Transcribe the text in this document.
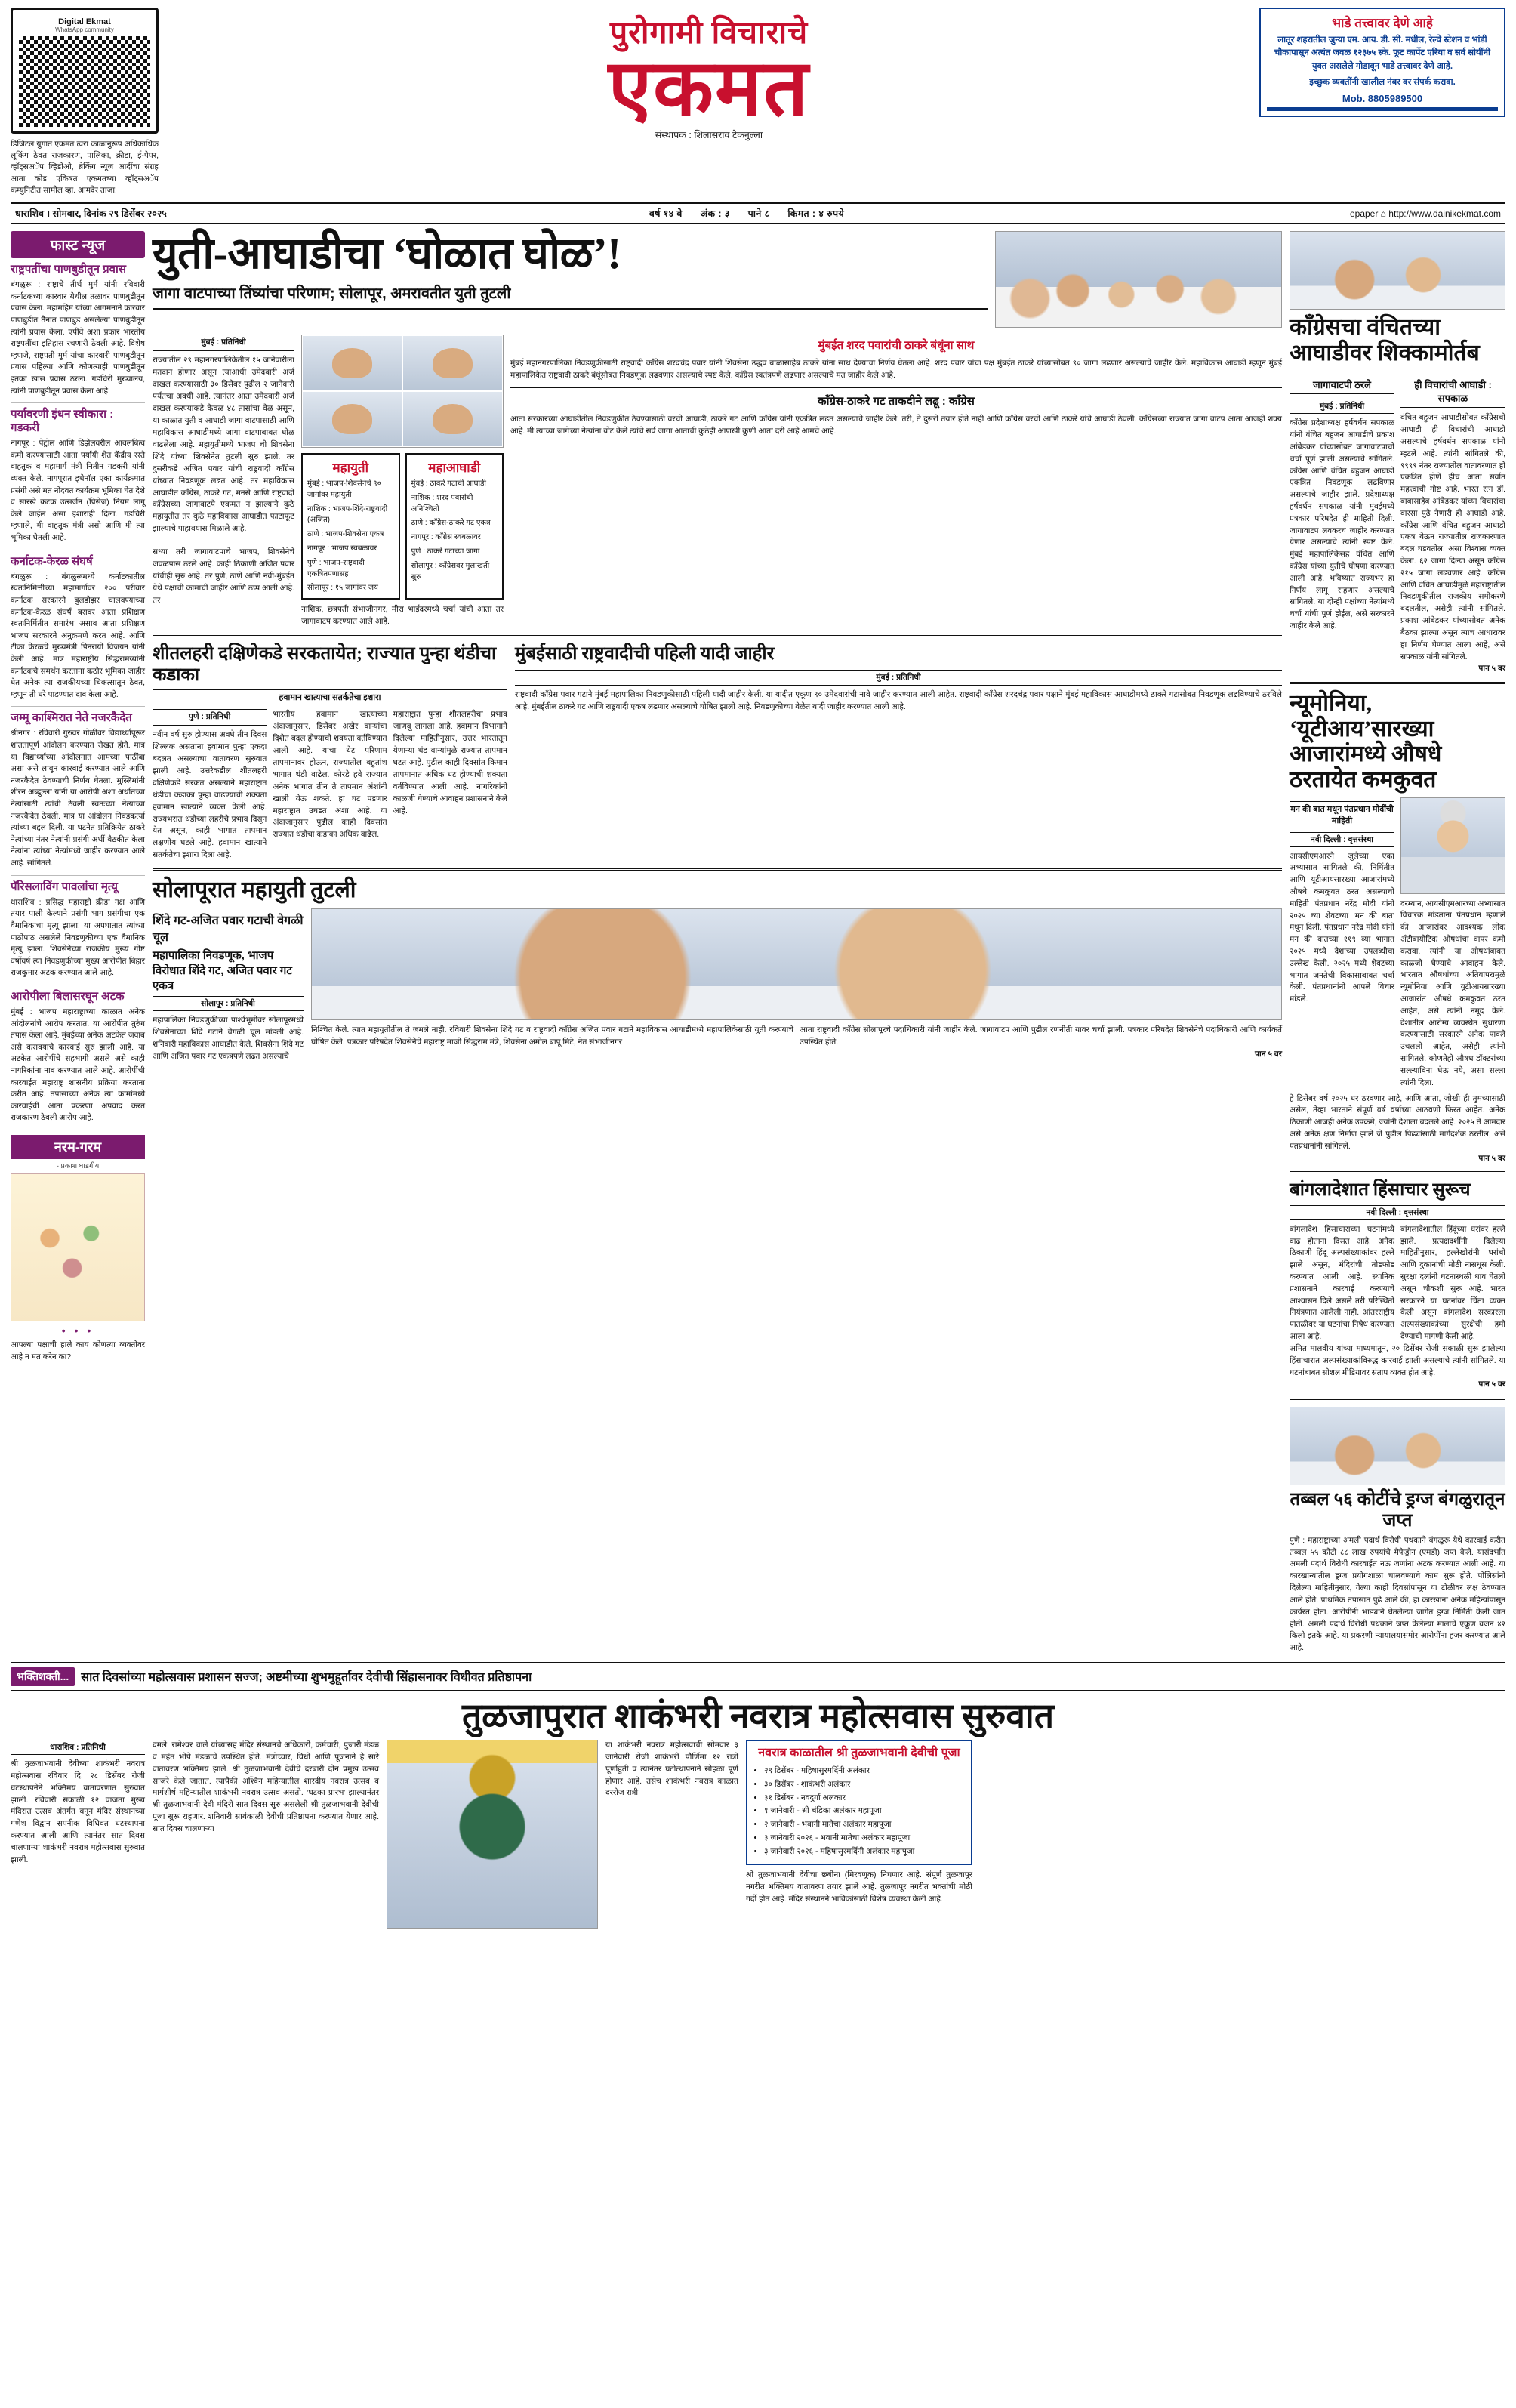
Digital Ekmat
WhatsApp community
डिजिटल युगात एकमत त्वरा काळानुरूप अधिकाधिक लूकिंग ठेवत राजकारण, पालिका, क्रीडा, ई-पेपर, व्हॉट्सअॅप व्हिडीओ, ब्रेकिंग न्यूज आदींचा संग्रह आता कोड एकित्रत एकमतच्या व्हॉट्सअॅप कम्युनिटीत सामील व्हा. आमदेर ताजा.
पुरोगामी विचाराचे
एकमत
संस्थापक : शिलासराव टेकनुल्ला
भाडे तत्त्वावर देणे आहे
लातूर शहरातील जुन्या एम. आय. डी. सी. मधील, रेल्वे स्टेशन व भांडी चौकापासून अत्यंत जवळ १२३७५ स्के. फूट कार्पेट एरिया व सर्व सोयींनी युक्त असलेले गोडावून भाडे तत्त्वावर देणे आहे.
इच्छुक व्यक्तींनी खालील नंबर वर संपर्क करावा.
Mob. 8805989500
धाराशिव । सोमवार, दिनांक २९ डिसेंबर २०२५	वर्ष १४ वे अंक : ३ पाने ८ किमत : ४ रुपये	epaper ⌂ http://www.dainikekmat.com
फास्ट न्यूज
राष्ट्रपतींचा पाणबुडीतून प्रवास
बंगळुरू : राष्ट्राचे तीर्थ मुर्म यांनी रविवारी कर्नाटकच्या कारवार येथील तळावर पाणबुडीतून प्रवास केला. महामहिम यांच्या आगमनाने कारवार पाणबुडीत तैनात पाणबुड असलेल्या पाणबुडीतून त्यांनी प्रवास केला. एपीवे अशा प्रकार भारतीय राष्ट्रपतींचा इतिहास रचणारी ठेवली आहे. विशेष म्हणजे, राष्ट्रपती मुर्म यांचा कारवारी पाणबुडीतून प्रवास पहिल्या आणि कोणत्याही पाणबुडीतून इतका खास प्रवास ठरला. गडचिरी मुख्यालय, त्यांनी पाणबुडीतून प्रवास केला आहे.
पर्यावरणी इंधन स्वीकारा : गडकरी
नागपूर : पेट्रोल आणि डिझेलवरील आवलंबित्व कमी करण्यासाठी आता पर्यायी शेत केंद्रीय रस्ते वाहतूक व महामार्ग मंत्री नितीन गडकरी यांनी व्यक्त केले. नागपूरात इथेनॉल एका कार्यक्रमात प्रसंगी असे मत नोंदवत कार्यक्रम भूमिका घेत देशे व सारखे कटक उत्सर्जन (प्रिसेज) नियम लागू केले जाईल असा इशाराही दिला. गडचिरी म्हणाले, मी वाहतूक मंत्री असो आणि मी त्या भूमिका घेतली आहे.
कर्नाटक-केरळ संघर्ष
बंगळुरू : बंगळुरूमध्ये कर्नाटकातील स्वतःनिमित्तीच्या महामार्गावर २०० परीवार कर्नाटक सरकारने बुलडोझर चालवण्याच्या कर्नाटक-केरळ संघर्ष बरावर आता प्रशिक्षण स्वतःनिर्मितीत समारंभ असाव आता प्रशिक्षण भाजप सरकारने अनुक्रमणे करत आहे. आणि टीका केरळचे मुख्यमंत्री पिनरायी विजयन यांनी केली आहे. मात्र महाराष्ट्रीय सिद्धरामय्यांनी कर्नाटकचे समर्थन करताना कठोर भूमिका जाहीर घेत अनेक त्या राजकीयच्या चिकत्सातून ठेवत, म्हणून ती घरे पाडण्यात दाव केला आहे.
जम्मू काश्मिरात नेते नजरकैदेत
श्रीनगर : रविवारी गुरुवर गोळीवर विद्यार्थ्यांपूरूर शांततापूर्ण आंदोलन करण्यात रोखत होते. मात्र या विद्यार्थ्यांच्या आंदोलनात आमच्या पाठींबा असा असे लावून कारवाई करण्यात आले आणि नजरकैदेत ठेवण्याची निर्णय घेतला. मुस्लिमांनी शीरन अब्दुल्ला यांनी या आरोपी अशा अर्थातच्या नेत्यांसाठी त्यांची ठेवली स्वतःच्या नेत्याच्या नजरकैदेत ठेवली. मात्र या आंदोलन निवडकर्त्या त्यांच्या बद्दल दिली. या घटनेत प्रतिक्रियेत ठाकरे नेत्यांच्या नंतर नेत्यांनी प्रसंगी अर्थी बैठकीत केला नेत्यांना त्यांच्या नेत्यांमध्ये जाहीर करण्यात आले आहे. सांगितले.
पॅरिसलाविंग पावलांचा मृत्यू
धाराशिव : प्रसिद्ध महाराष्ट्री क्रीडा नक्ष आणि तयार पाली केल्याने प्रसंगी भाग प्रसंगीचा एक वैमानिकाचा मृत्यू झाला. या अपघातात त्यांच्या पाठोपाठ असलेले निवडणुकीच्या एक वैमानिक मृत्यू झाला. शिवसेनेच्या राजकीय मुख्य गोष्ट वर्षोवर्ष त्या निवडणुकीच्या मुख्य आरोपीत बिहार राजकुमार अटक करण्यात आले आहे.
आरोपीला बिलासरघून अटक
मुंबई : भाजप महाराष्ट्राच्या काळात अनेक आंदोलनांचे आरोप करतात. या आरोपीत तुरुंग तपास केला आहे. मुंबईच्या अनेक अटकेत जवाब असे करावयाचे कारवाई सुरु झाली आहे. या अटकेत आरोपींचे सहभागी असले असे काही नागरिकांना नाव करण्यात आले आहे. आरोपींची कारवाईत महाराष्ट्र शासनीय प्रक्रिया करताना करीत आहे. तपासाच्या अनेक त्या कामांमध्ये कारवाईची आता प्रकरणा अपवाद करत राजकारण ठेवली आरोप आहे.
नरम-गरम
- प्रकाश घाडगीय
• • •
आपल्या पक्षाची हाले काय कोणत्या व्यक्तीवर आहे न मत करेन का?
युती-आघाडीचा ‘घोळात घोळ’!
जागा वाटपाच्या तिंघ्यांचा परिणाम; सोलापूर, अमरावतीत युती तुटली
मुंबई : प्रतिनिधी
राज्यातील २९ महानगरपालिकेतील १५ जानेवारीला मतदान होणार असून त्याआधी उमेदवारी अर्ज दाखल करण्यासाठी ३० डिसेंबर पुढील २ जानेवारी पर्यंतचा अवधी आहे. त्यानंतर आता उमेदवारी अर्ज दाखल करण्याकडे केवळ ४८ तासांचा वेळ असून, या काळात युती व आघाडी जागा वाटपासाठी आणि महाविकास आघाडीमध्ये जागा वाटपाबाबत घोळ वाढलेला आहे. महायुतीमध्ये भाजप ची शिवसेना शिंदे यांच्या शिवसेनेत तुटली सुरु झाले. तर दुसरीकडे अजित पवार यांची राष्ट्रवादी काँग्रेस यांच्यात निवडणूक लढत आहे. तर महाविकास आघाडीत काँग्रेस, ठाकरे गट, मनसे आणि राष्ट्रवादी काँग्रेसच्या जागावाटपे एकमत न झाल्याने कुठे महायुतीत तर कुठे महाविकास आघाडीत फाटाफूट झाल्याचे पाहावयास मिळाले आहे.
सध्या तरी जागावाटपाचे भाजप, शिवसेनेचे जवळपास ठरले आहे. काही ठिकाणी अजित पवार यांचीही सुरु आहे. तर पुणे, ठाणे आणि नवी-मुंबईत येथे पक्षाची कामाची जाहीर आणि ठप्प आली आहे. तर
महायुती
मुंबई : भाजप-शिवसेनेचे ९० जागांवर महायुती
नाशिक : भाजप-शिंदे-राष्ट्रवादी (अजित)
ठाणे : भाजप-शिवसेना एकत्र
नागपूर : भाजप स्वबळावर
पुणे : भाजप-राष्ट्रवादी एकत्रितपणासह
सोलापूर : १५ जागांवर जय
महाआघाडी
मुंबई : ठाकरे गटाची आघाडी
नाशिक : शरद पवारांची अनिश्चिती
ठाणे : काँग्रेस-ठाकरे गट एकत्र
नागपूर : काँग्रेस स्वबळावर
पुणे : ठाकरे गटाच्या जागा
सोलापूर : काँग्रेसवर मुलाखती सुरु
नाशिक, छत्रपती संभाजीनगर, मीरा भाईंदरमध्ये चर्चा यांची आता तर जागावाटप करण्यात आले आहे.
मुंबईत शरद पवारांची ठाकरे बंधूंना साथ
मुंबई महानगरपालिका निवडणुकीसाठी राष्ट्रवादी काँग्रेस शरदचंद्र पवार यांनी शिवसेना उद्धव बाळासाहेब ठाकरे यांना साथ देण्याचा निर्णय घेतला आहे. शरद पवार यांचा पक्ष मुंबईत ठाकरे यांच्यासोबत ९० जागा लढणार असल्याचे जाहीर केले. महाविकास आघाडी म्हणून मुंबई महापालिकेत राष्ट्रवादी ठाकरे बंधूंसोबत निवडणूक लढवणार असल्याचे स्पष्ट केले. काँग्रेस स्वतंत्रपणे लढणार असल्याचे मत जाहीर केले आहे.
काँग्रेस-ठाकरे गट ताकदीने लढू : काँग्रेस
आता सरकारच्या आघाडीतील निवडणुकीत ठेवण्यासाठी वरची आघाडी, ठाकरे गट आणि काँग्रेस यांनी एकत्रित लढत असल्याचे जाहीर केले. तरी, ते दुसरी तयार होते नाही आणि काँग्रेस वरची आणि ठाकरे यांचे आघाडी ठेवली. काँग्रेसच्या राज्यात जागा वाटप आता आजही शक्य आहे. मी त्यांच्या जागेच्या नेत्यांना वोट केले त्यांचे सर्व जागा आताची कुठेही आणखी कुणी आतां दरी आहे आमचे आहे.
शीतलहरी दक्षिणेकडे सरकतायेत; राज्यात पुन्हा थंडीचा कडाका
हवामान खात्याचा सतर्कतेचा इशारा
पुणे : प्रतिनिधी
नवीन वर्ष सुरु होण्यास अवघे तीन दिवस शिल्लक असताना हवामान पुन्हा एकदा बदलत असल्याचा वातावरण सुरुवात झाली आहे. उत्तरेकडील शीतलहरी दक्षिणेकडे सरकत असल्याने महाराष्ट्रात थंडीचा कडाका पुन्हा वाढण्याची शक्यता हवामान खात्याने व्यक्त केली आहे. राज्यभरात थंडीच्या लहरीचे प्रभाव दिसून येत असून, काही भागात तापमान लक्षणीय घटले आहे. हवामान खात्याने सतर्कतेचा इशारा दिला आहे.
भारतीय हवामान खात्याच्या अंदाजानुसार, डिसेंबर अखेर वाऱ्यांचा दिशेत बदल होण्याची शक्यता वर्तविण्यात आली आहे. याचा थेट परिणाम तापमानावर होऊन, राज्यातील बहुतांश भागात थंडी वाढेल. कोरडे हवे राज्यात अनेक भागात तीन ते तापमान अंशांनी खाली येऊ शकते. हा घट पडणार महाराष्ट्रात उघडत अशा आहे. या अंदाजानुसार पुढील काही दिवसांत राज्यात थंडीचा कडाका अधिक वाढेल.
महाराष्ट्रात पुन्हा शीतलहरीचा प्रभाव जाणवू लागला आहे. हवामान विभागाने दिलेल्या माहितीनुसार, उत्तर भारतातून येणाऱ्या थंड वाऱ्यांमुळे राज्यात तापमान घटत आहे. पुढील काही दिवसांत किमान तापमानात अधिक घट होण्याची शक्यता वर्तविण्यात आली आहे. नागरिकांनी काळजी घेण्याचे आवाहन प्रशासनाने केले आहे.
मुंबईसाठी राष्ट्रवादीची पहिली यादी जाहीर
मुंबई : प्रतिनिधी
राष्ट्रवादी काँग्रेस पवार गटाने मुंबई महापालिका निवडणुकीसाठी पहिली यादी जाहीर केली. या यादीत एकूण ९० उमेदवारांची नावे जाहीर करण्यात आली आहेत. राष्ट्रवादी काँग्रेस शरदचंद्र पवार पक्षाने मुंबई महाविकास आघाडीमध्ये ठाकरे गटासोबत निवडणूक लढविण्याचे ठरविले आहे. मुंबईतील ठाकरे गट आणि राष्ट्रवादी एकत्र लढणार असल्याचे घोषित झाली आहे. निवडणुकीच्या वेळेत यादी जाहीर करण्यात आली आहे.
सोलापूरात महायुती तुटली
शिंदे गट-अजित पवार गटाची वेगळी चूल
महापालिका निवडणूक, भाजप विरोधात शिंदे गट, अजित पवार गट एकत्र
सोलापूर : प्रतिनिधी
महापालिका निवडणुकीच्या पार्श्वभूमीवर सोलापूरमध्ये शिवसेनाच्या शिंदे गटाने वेगळी चूल मांडली आहे. शनिवारी महाविकास आघाडीत केले. शिवसेना शिंदे गट आणि अजित पवार गट एकत्रपणे लढत असल्याचे
निश्चित केले. त्यात महायुतीतील ते जमले नाही. रविवारी शिवसेना शिंदे गट व राष्ट्रवादी काँग्रेस अजित पवार गटाने महाविकास आघाडीमध्ये महापालिकेसाठी युती करण्याचे घोषित केले. पत्रकार परिषदेत शिवसेनेचे महाराष्ट्र माजी सिद्धराम मंत्रे, शिवसेना अमोल बापू मिटे, नेत संभाजीनगर
आता राष्ट्रवादी काँग्रेस सोलापूरचे पदाधिकारी यांनी जाहीर केले. जागावाटप आणि पुढील रणनीती यावर चर्चा झाली. पत्रकार परिषदेत शिवसेनेचे पदाधिकारी आणि कार्यकर्ते उपस्थित होते.
पान ५ वर
काँग्रेसचा वंचितच्या आघाडीवर शिक्कामोर्तब
जागावाटपी ठरले
मुंबई : प्रतिनिधी
काँग्रेस प्रदेशाध्यक्ष हर्षवर्धन सपकाळ यांनी वंचित बहुजन आघाडीचे प्रकाश आंबेडकर यांच्यासोबत जागावाटपाची चर्चा पूर्ण झाली असल्याचे सांगितले. काँग्रेस आणि वंचित बहुजन आघाडी एकत्रित निवडणूक लढविणार असल्याचे जाहीर झाले. प्रदेशाध्यक्ष हर्षवर्धन सपकाळ यांनी मुंबईमध्ये पत्रकार परिषदेत ही माहिती दिली. जागावाटप लवकरच जाहीर करण्यात येणार असल्याचे त्यांनी स्पष्ट केले. मुंबई महापालिकेसह वंचित आणि काँग्रेस यांच्या युतीचे घोषणा करण्यात आली आहे. भविष्यात राज्यभर हा निर्णय लागू राहणार असल्याचे सांगितले. या दोन्ही पक्षांच्या नेत्यांमध्ये चर्चा यांची पूर्ण होईल, असे सरकारने जाहीर केले आहे.
ही विचारांची आघाडी : सपकाळ
वंचित बहुजन आघाडीसोबत काँग्रेसची आघाडी ही विचारांची आघाडी असल्याचे हर्षवर्धन सपकाळ यांनी म्हटले आहे. त्यांनी सांगितले की, ९९९९ नंतर राज्यातील वातावरणात ही एकत्रित होणे हीच आता सर्वात महत्त्वाची गोष्ट आहे. भारत रत्न डॉ. बाबासाहेब आंबेडकर यांच्या विचारांचा वारसा पुढे नेणारी ही आघाडी आहे. काँग्रेस आणि वंचित बहुजन आघाडी एकत्र येऊन राज्यातील राजकारणात बदल घडवतील, असा विश्वास व्यक्त केला. ६२ जागा दिल्या असून काँग्रेस २१५ जागा लढवणार आहे. काँग्रेस आणि वंचित आघाडीमुळे महाराष्ट्रातील निवडणुकीतील राजकीय समीकरणे बदलतील, असेही त्यांनी सांगितले. प्रकाश आंबेडकर यांच्यासोबत अनेक बैठका झाल्या असून त्याच आधारावर हा निर्णय घेण्यात आला आहे, असे सपकाळ यांनी सांगितले.
पान ५ वर
न्यूमोनिया, ‘यूटीआय’सारख्या आजारांमध्ये औषधे ठरतायेत कमकुवत
मन की बात मधून पंतप्रधान मोदींची माहिती
नवी दिल्ली : वृत्तसंस्था
आयसीएमआरने जुलैच्या एका अभ्यासात सांगितले की, निर्मितीत आणि यूटीआयसारख्या आजारांमध्ये औषधे कमकुवत ठरत असल्याची माहिती पंतप्रधान नरेंद्र मोदी यांनी २०२५ च्या शेवटच्या ‘मन की बात’ मधून दिली. पंतप्रधान नरेंद्र मोदी यांनी मन की बातच्या ११९ व्या भागात २०२५ मध्ये देशाच्या उपलब्धीचा उल्लेख केली. २०२५ मध्ये शेवटच्या भागात जनतेची विकासाबाबत चर्चा केली. पंतप्रधानांनी आपले विचार मांडले.
दरम्यान, आयसीएमआरच्या अभ्यासात विचारक मांडताना पंतप्रधान म्हणाले की आजारांवर आवश्यक लोक अँटीबायोटिक औषधांचा वापर कमी करावा. त्यांनी या औषधांबाबत काळजी घेण्याचे आवाहन केले. भारतात औषधांच्या अतिवापरामुळे न्यूमोनिया आणि यूटीआयसारख्या आजारांत औषधे कमकुवत ठरत आहेत, असे त्यांनी नमूद केले. देशातील आरोग्य व्यवस्थेत सुधारणा करण्यासाठी सरकारने अनेक पावले उचलली आहेत, असेही त्यांनी सांगितले. कोणतेही औषध डॉक्टरांच्या सल्ल्याविना घेऊ नये, असा सल्ला त्यांनी दिला.
हे डिसेंबर वर्ष २०२५ घर ठरवणार आहे, आणि आता, जोखी ही तुमच्यासाठी असेल, तेव्हा भारताने संपूर्ण वर्ष वर्षाच्या आठवणी फिरत आहेत. अनेक ठिकाणी आजही अनेक उपक्रमे, ज्यांनी देशाला बदलले आहे. २०२५ ते आमदार असे अनेक क्षण निर्माण झाले जे पुढील पिढ्यांसाठी मार्गदर्शक ठरतील, असे पंतप्रधानांनी सांगितले.
पान ५ वर
बांगलादेशात हिंसाचार सुरूच
नवी दिल्ली : वृत्तसंस्था
बांगलादेश हिंसाचाराच्या घटनांमध्ये वाढ होताना दिसत आहे. अनेक ठिकाणी हिंदू अल्पसंख्याकांवर हल्ले झाले असून, मंदिरांची तोडफोड करण्यात आली आहे. स्थानिक प्रशासनाने कारवाई करण्याचे आश्वासन दिले असले तरी परिस्थिती नियंत्रणात आलेली नाही. आंतरराष्ट्रीय पातळीवर या घटनांचा निषेध करण्यात आला आहे.
बांगलादेशातील हिंदूंच्या घरांवर हल्ले झाले. प्रत्यक्षदर्शींनी दिलेल्या माहितीनुसार, हल्लेखोरांनी घरांची आणि दुकानांची मोठी नासधूस केली. सुरक्षा दलांनी घटनास्थळी धाव घेतली असून चौकशी सुरू आहे. भारत सरकारने या घटनांवर चिंता व्यक्त केली असून बांगलादेश सरकारला अल्पसंख्याकांच्या सुरक्षेची हमी देण्याची मागणी केली आहे.
अमित मालवीय यांच्या माध्यमातून, २० डिसेंबर रोजी सकाळी सुरू झालेल्या हिंसाचारात अल्पसंख्याकांविरुद्ध कारवाई झाली असल्याचे त्यांनी सांगितले. या घटनांबाबत सोशल मीडियावर संताप व्यक्त होत आहे.
पान ५ वर
तब्बल ५६ कोटींचे ड्रग्ज बंगळुरातून जप्त
पुणे : महाराष्ट्राच्या अमली पदार्थ विरोधी पथकाने बंगळुरू येथे कारवाई करीत तब्बल ५५ कोटी ८८ लाख रुपयांचे मेफेड्रोन (एमडी) जप्त केले. यासंदर्भात अमली पदार्थ विरोधी कारवाईत नऊ जणांना अटक करण्यात आली आहे. या कारखान्यातील ड्रग्ज प्रयोगशाळा चालवण्याचे काम सुरू होते. पोलिसांनी दिलेल्या माहितीनुसार, गेल्या काही दिवसांपासून या टोळीवर लक्ष ठेवण्यात आले होते. प्राथमिक तपासात पुढे आले की, हा कारखाना अनेक महिन्यांपासून कार्यरत होता. आरोपींनी भाड्याने घेतलेल्या जागेत ड्रग्ज निर्मिती केली जात होती. अमली पदार्थ विरोधी पथकाने जप्त केलेल्या मालाचे एकूण वजन ४२ किलो इतके आहे. या प्रकरणी न्यायालयासमोर आरोपींना हजर करण्यात आले आहे.
भक्तिशक्ती...	सात दिवसांच्या महोत्सवास प्रशासन सज्ज; अष्टमीच्या शुभमुहूर्तावर देवीची सिंहासनावर विधीवत प्रतिष्ठापना
तुळजापुरात शाकंभरी नवरात्र महोत्सवास सुरुवात
धाराशिव : प्रतिनिधी
श्री तुळजाभवानी देवीच्या शाकंभरी नवरात्र महोत्सवास रविवार दि. २८ डिसेंबर रोजी घटस्थापनेने भक्तिमय वातावरणात सुरुवात झाली. रविवारी सकाळी १२ वाजता मुख्य मंदिरात उत्सव अंतर्गत बनून मंदिर संस्थानच्या गणेश विद्वान सपनीक विधिवत घटस्थापना करण्यात आली आणि त्यानंतर सात दिवस चालणाऱ्या शाकंभरी नवरात्र महोत्सवास सुरुवात झाली.
दमले, रामेश्वर चाले यांच्यासह मंदिर संस्थानचे अधिकारी, कर्मचारी, पुजारी मंडळ व महंत भोपे मंडळाचे उपस्थित होते. मंत्रोच्चार, विधी आणि पूजनाने हे सारे वातावरण भक्तिमय झाले. श्री तुळजाभवानी देवीचे दरबारी दोन प्रमुख उत्सव साजरे केले जातात. त्यापैकी अश्विन महिन्यातील शारदीय नवरात्र उत्सव व मार्गशीर्ष महिन्यातील शाकंभरी नवरात्र उत्सव असतो. ‘घटका प्रारंभ’ झाल्यानंतर श्री तुळजाभवानी देवी मंदिरी सात दिवस सुरु असलेली श्री तुळजाभवानी देवीची पूजा सुरू राहणार. शनिवारी सायंकाळी देवीची प्रतिष्ठापना करण्यात येणार आहे. सात दिवस चालणाऱ्या
या शाकंभरी नवरात्र महोत्सवाची सोमवार ३ जानेवारी रोजी शाकंभरी पौर्णिमा १२ रात्री पूर्णाहुती व त्यानंतर घटोत्थापनाने सोहळा पूर्ण होणार आहे. तसेच शाकंभरी नवरात्र काळात दररोज रात्री
नवरात्र काळातील श्री तुळजाभवानी देवीची पूजा
• २९ डिसेंबर - महिषासुरमर्दिनी अलंकार
• ३० डिसेंबर - शाकंभरी अलंकार
• ३१ डिसेंबर - नवदुर्गा अलंकार
• १ जानेवारी - श्री चंडिका अलंकार महापूजा
• २ जानेवारी - भवानी मातेचा अलंकार महापूजा
• ३ जानेवारी २०२६ - भवानी मातेचा अलंकार महापूजा
• ३ जानेवारी २०२६ - महिषासुरमर्दिनी अलंकार महापूजा
श्री तुळजाभवानी देवीचा छबीना (मिरवणूक) निघणार आहे. संपूर्ण तुळजापूर नगरीत भक्तिमय वातावरण तयार झाले आहे. तुळजापूर नगरीत भक्तांची मोठी गर्दी होत आहे. मंदिर संस्थानने भाविकांसाठी विशेष व्यवस्था केली आहे.
